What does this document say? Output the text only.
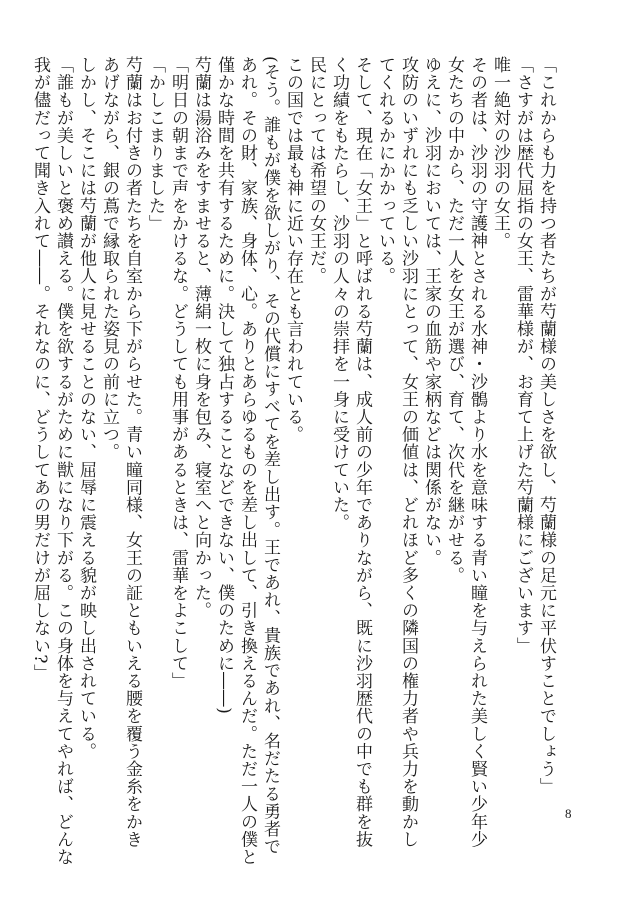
「これからも力を持つ者たちが芍蘭様の美しさを欲し、芍蘭様の足元に平伏すことでしょう」
「さすがは歴代屈指の女王、雷華様が、お育て上げた芍蘭様にございます」
唯一絶対の沙羽の女王。
その者は、沙羽の守護神とされる水神・沙鶻より水を意味する青い瞳を与えられた美しく賢い少年少
女たちの中から、ただ一人を女王が選び、育て、次代を継がせる。
ゆえに、沙羽においては、王家の血筋や家柄などは関係がない。
攻防のいずれにも乏しい沙羽にとって、女王の価値は、どれほど多くの隣国の権力者や兵力を動かし
てくれるかにかかっている。
そして、現在「女王」と呼ばれる芍蘭は、成人前の少年でありながら、既に沙羽歴代の中でも群を抜
く功績をもたらし、沙羽の人々の崇拝を一身に受けていた。
民にとっては希望の女王だ。
この国では最も神に近い存在とも言われている。
(そう。誰もが僕を欲しがり、その代償にすべてを差し出す。王であれ、貴族であれ、名だたる勇者で
あれ。その財、家族、身体、心。ありとあらゆるものを差し出して、引き換えるんだ。ただ一人の僕と
僅かな時間を共有するために。決して独占することなどできない、僕のために――)
芍蘭は湯浴みをすませると、薄絹一枚に身を包み、寝室へと向かった。
「明日の朝まで声をかけるな。どうしても用事があるときは、雷華をよこして」
「かしこまりました」
芍蘭はお付きの者たちを自室から下がらせた。青い瞳同様、女王の証ともいえる腰を覆う金糸をかき
あげながら、銀の蔦で縁取られた姿見の前に立つ。
しかし、そこには芍蘭が他人に見せることのない、屈辱に震える貌が映し出されている。
「誰もが美しいと褒め讃える。僕を欲するがために獣になり下がる。この身体を与えてやれば、どんな
我が儘だって聞き入れて――。それなのに、どうしてあの男だけが屈しない?」
8
